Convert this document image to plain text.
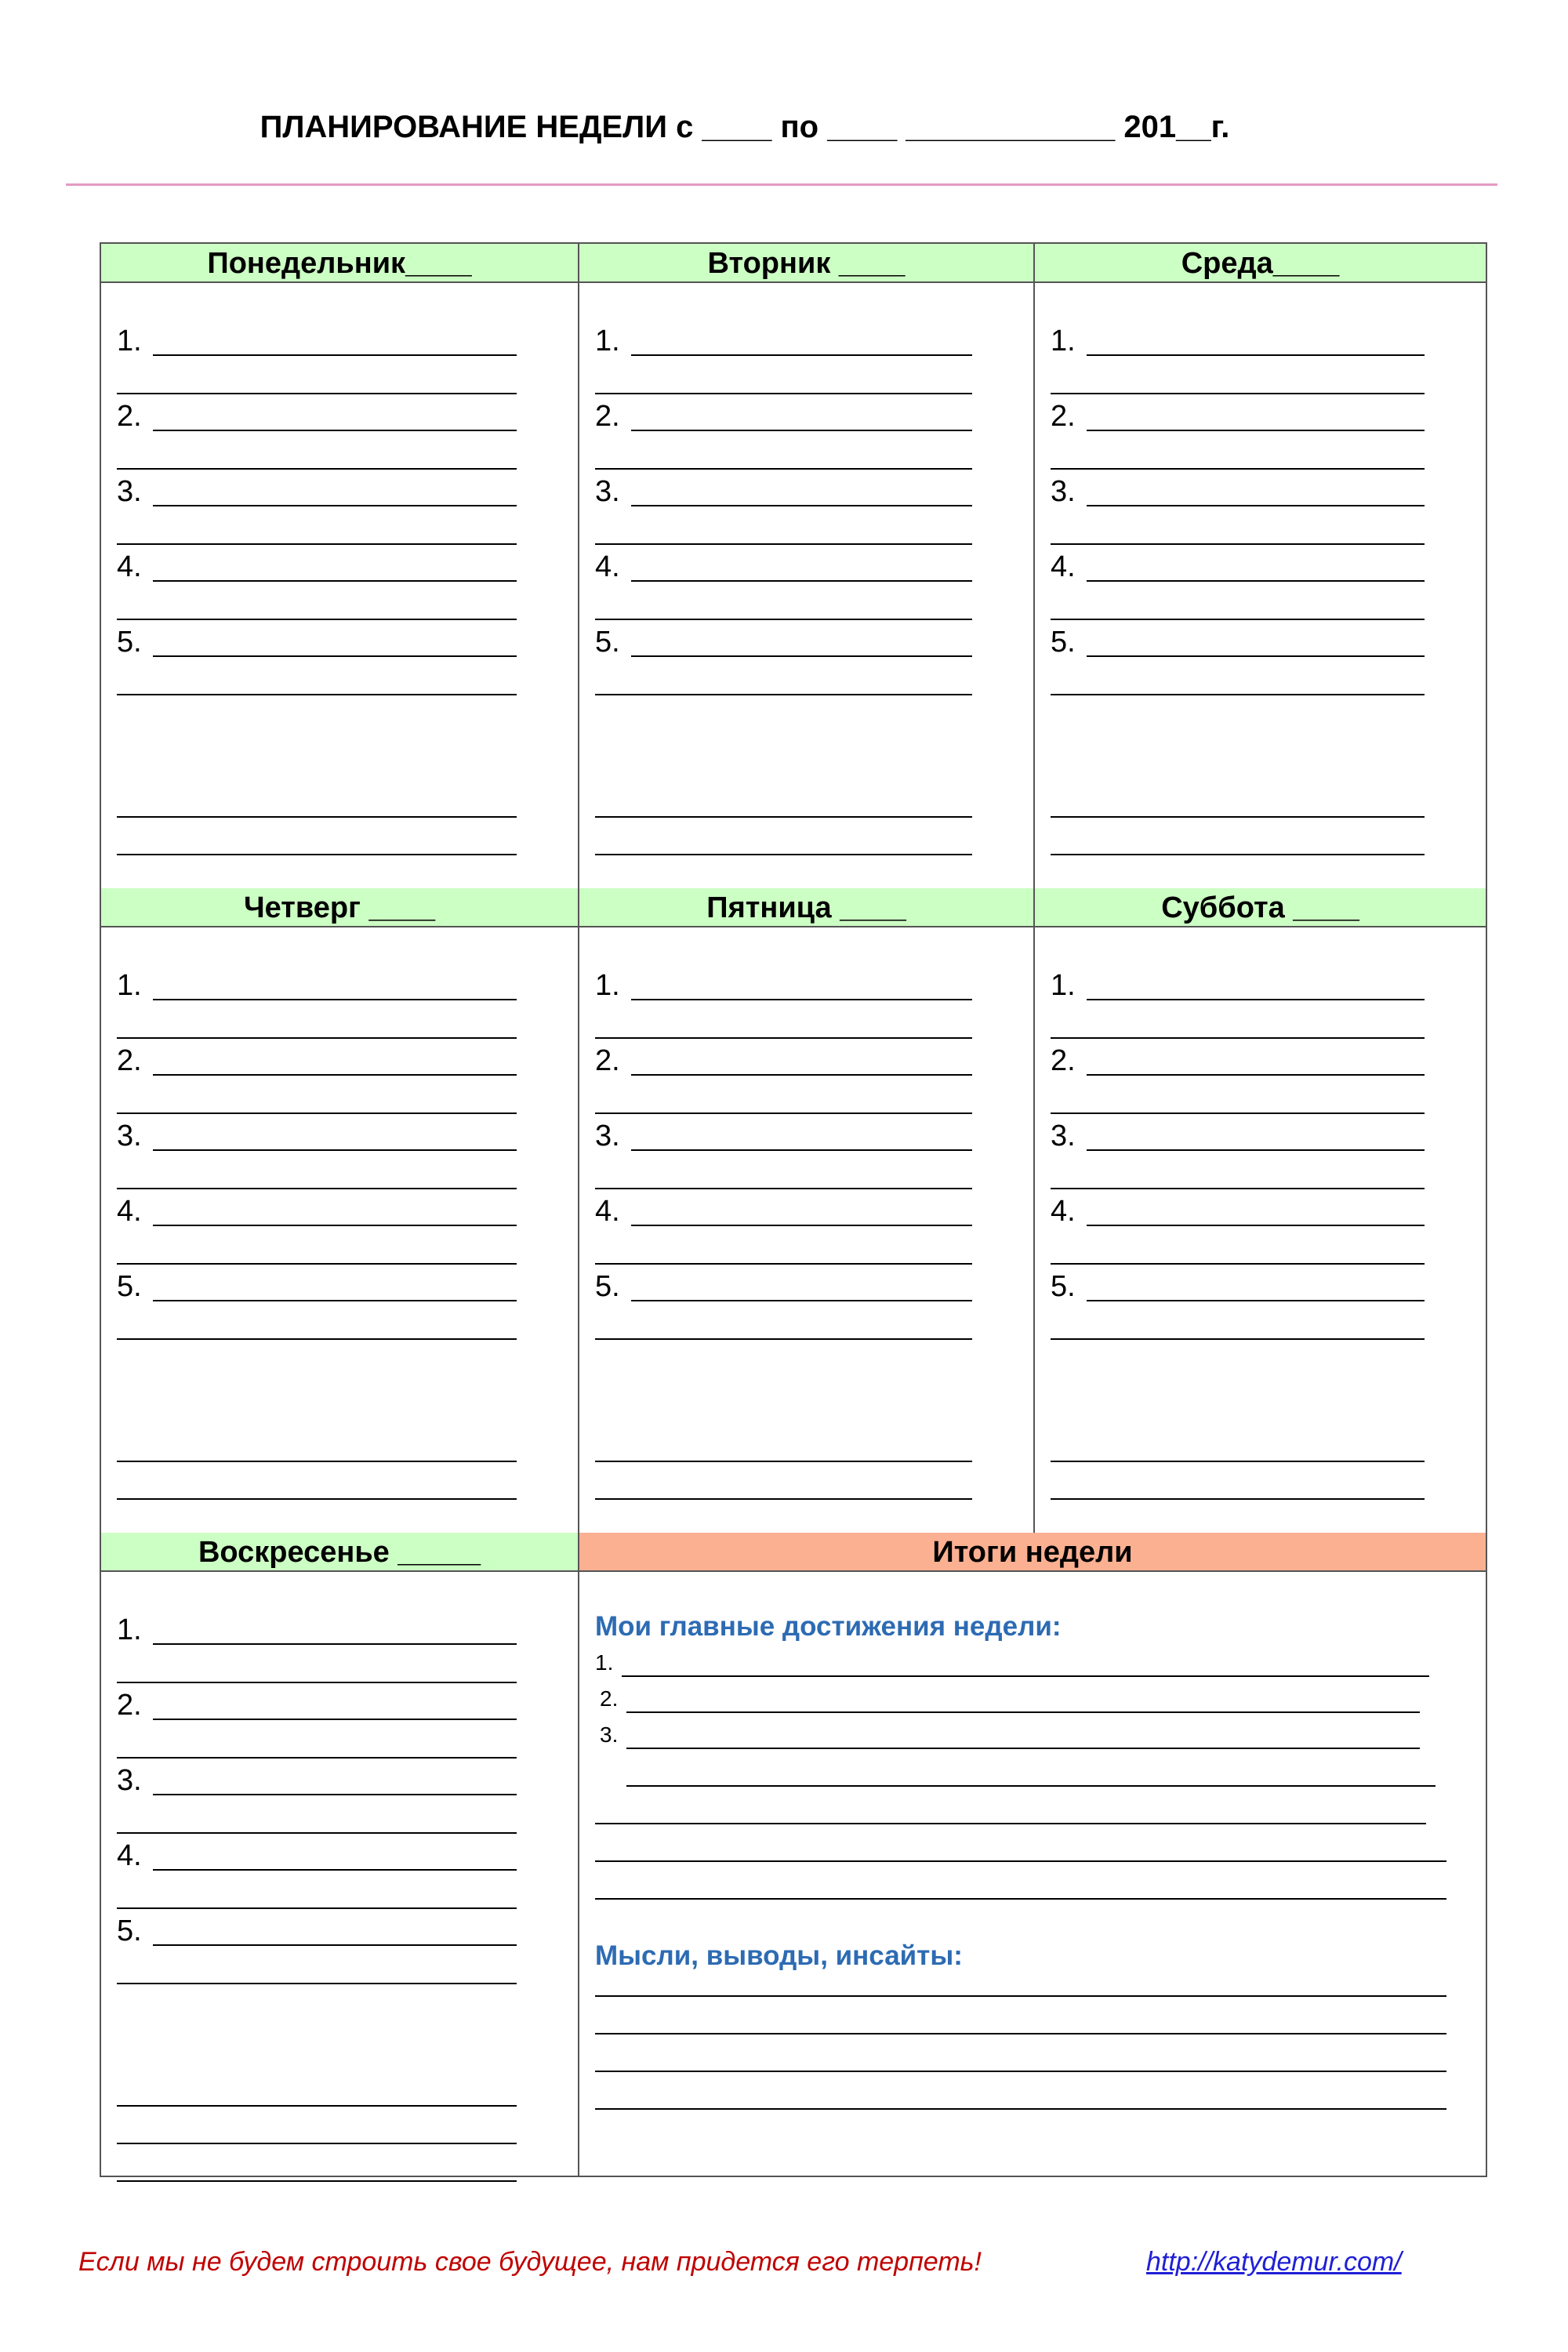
ПЛАНИРОВАНИЕ НЕДЕЛИ с ____ по ____ ____________ 201__г.
Понедельник____
1.
2.
3.
4.
5.
Вторник ____
1.
2.
3.
4.
5.
Среда____
1.
2.
3.
4.
5.
Четверг ____
1.
2.
3.
4.
5.
Пятница ____
1.
2.
3.
4.
5.
Суббота ____
1.
2.
3.
4.
5.
Воскресенье _____
1.
2.
3.
4.
5.
Итоги недели
Мои главные достижения недели:
1.
2.
3.
Мысли, выводы, инсайты:
Если мы не будем строить свое будущее, нам придется его терпеть!	http://katydemur.com/
